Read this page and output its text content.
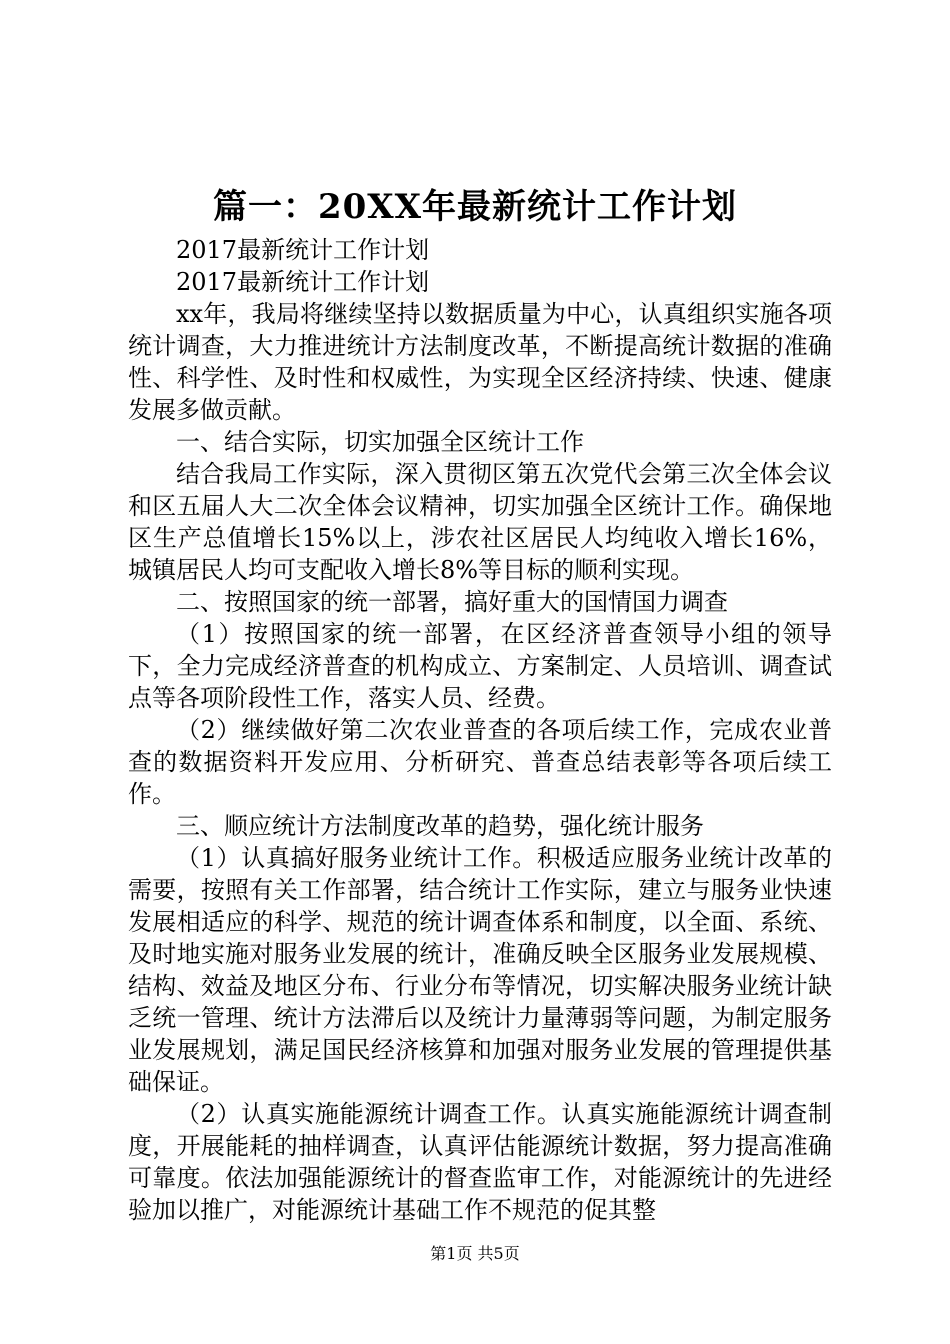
篇一：20XX年最新统计工作计划

2017最新统计工作计划

2017最新统计工作计划

xx年，我局将继续坚持以数据质量为中心，认真组织实施各项统计调查，大力推进统计方法制度改革，不断提高统计数据的准确性、科学性、及时性和权威性，为实现全区经济持续、快速、健康发展多做贡献。

一、结合实际，切实加强全区统计工作

结合我局工作实际，深入贯彻区第五次党代会第三次全体会议和区五届人大二次全体会议精神，切实加强全区统计工作。确保地区生产总值增长15%以上，涉农社区居民人均纯收入增长16%，城镇居民人均可支配收入增长8%等目标的顺利实现。

二、按照国家的统一部署，搞好重大的国情国力调查

（1）按照国家的统一部署，在区经济普查领导小组的领导下，全力完成经济普查的机构成立、方案制定、人员培训、调查试点等各项阶段性工作，落实人员、经费。

（2）继续做好第二次农业普查的各项后续工作，完成农业普查的数据资料开发应用、分析研究、普查总结表彰等各项后续工作。

三、顺应统计方法制度改革的趋势，强化统计服务

（1）认真搞好服务业统计工作。积极适应服务业统计改革的需要，按照有关工作部署，结合统计工作实际，建立与服务业快速发展相适应的科学、规范的统计调查体系和制度，以全面、系统、及时地实施对服务业发展的统计，准确反映全区服务业发展规模、结构、效益及地区分布、行业分布等情况，切实解决服务业统计缺乏统一管理、统计方法滞后以及统计力量薄弱等问题，为制定服务业发展规划，满足国民经济核算和加强对服务业发展的管理提供基础保证。

（2）认真实施能源统计调查工作。认真实施能源统计调查制度，开展能耗的抽样调查，认真评估能源统计数据，努力提高准确可靠度。依法加强能源统计的督查监审工作，对能源统计的先进经验加以推广，对能源统计基础工作不规范的促其整

第1页 共5页
